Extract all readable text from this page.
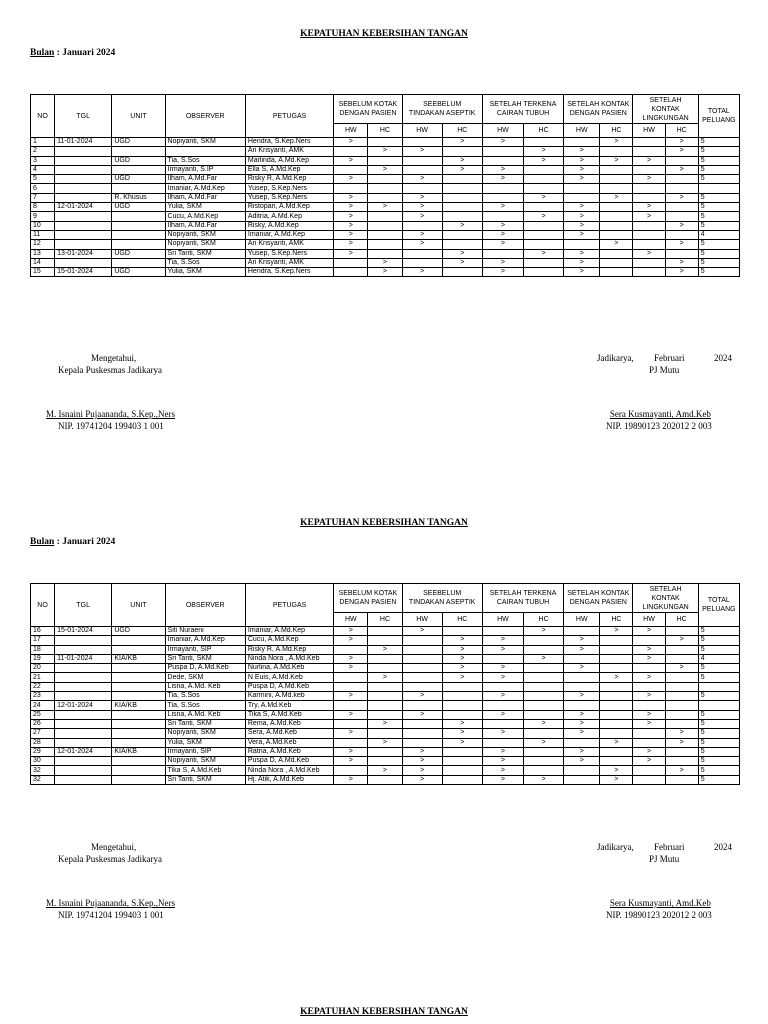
KEPATUHAN KEBERSIHAN TANGAN
Bulan : Januari 2024
NO	TGL	UNIT	OBSERVER	PETUGAS	SEBELUM KOTAK DENGAN PASIEN		SEEBELUM TINDAKAN ASEPTIK		SETELAH TERKENA CAIRAN TUBUH		SETELAH KONTAK DENGAN PASIEN		SETELAH KONTAK LINGKUNGAN		TOTAL PELUANG
					HW	HC	HW	HC	HW	HC	HW	HC	HW	HC	
1	11-01-2024	UGD	Nopiyanti, SKM	Hendra, S.Kep.Ners	>			>	>			>		>	5
2				Ari Krisyanti, AMK		>	>			>	>			>	5
3		UGD	Tia, S.Sos	Marlinda, A.Md.Kep	>			>		>	>	>	>		5
4			Irmayanti, S.IP	Ella S, A.Md.Kep		>		>	>		>			>	5
5		UGD	Ilham, A.Md.Far	Risky R, A.Md.Kep	>		>		>		>		>		5
6			Imaniar, A.Md.Kep	Yusep, S.Kep.Ners											
7		R. Khusus	Ilham, A.Md.Far	Yusep, S.Kep.Ners	>		>			>		>		>	5
8	12-01-2024	UGD	Yulia, SKM	Ristopan, A.Md.Kep	>	>	>		>		>		>		5
9			Cucu, A.Md.Kep	Aditria, A.Md.Kep	>		>			>	>		>		5
10			Ilham, A.Md.Far	Risky, A.Md.Kep	>			>	>		>			>	5
11			Nopiyanti, SKM	Imaniar, A.Md.Kep	>		>		>		>				4
12			Nopiyanti, SKM	Ari Krisyanti, AMK	>		>		>			>		>	5
13	13-01-2024	UGD	Sri Tanti, SKM	Yusep, S.Kep.Ners	>			>		>	>		>		5
14			Tia, S.Sos	Ari Krisyanti, AMK		>		>	>		>			>	5
15	15-01-2024	UGD	Yulia, SKM	Hendra, S.Kep.Ners		>	>		>		>			>	5
Mengetahui,
Kepala Puskesmas Jadikarya
M. Isnaini Pujaananda, S.Kep.,Ners
NIP. 19741204 199403 1 001
Jadikarya, Februari	2024
PJ Mutu
Sera Kusmayanti, Amd.Keb
NIP. 19890123 202012 2 003
KEPATUHAN KEBERSIHAN TANGAN
Bulan : Januari 2024
NO	TGL	UNIT	OBSERVER	PETUGAS	SEBELUM KOTAK DENGAN PASIEN		SEEBELUM TINDAKAN ASEPTIK		SETELAH TERKENA CAIRAN TUBUH		SETELAH KONTAK DENGAN PASIEN		SETELAH KONTAK LINGKUNGAN		TOTAL PELUANG
					HW	HC	HW	HC	HW	HC	HW	HC	HW	HC	
16	15-01-2024	UGD	Siti Nuraeni	Imaniar, A.Md.Kep	>		>			>		>	>		5
17			Imaniar, A.Md.Kep	Cucu, A.Md.Kep	>			>	>		>			>	5
18			Irmayanti, SIP	Risky R, A.Md.Kep		>		>	>		>		>		5
19	11-01-2024	KIA/KB	Sri Tanti, SKM	Ninda Nora , A.Md.Keb	>			>		>			>		4
20			Puspa D, A.Md.Keb	Nurlina, A.Md.Keb	>			>	>		>			>	5
21			Dede, SKM	N Euis, A.Md.Keb		>		>	>			>	>		5
22			Lisna, A.Md. Keb	Puspa D, A.Md.Keb											
23			Tia, S.Sos	Karmini, A.Md.keb	>		>		>		>		>		5
24	12-01-2024	KIA/KB	Tia, S.Sos	Try, A.Md.Keb											
25			Lisna, A.Md. Keb	Tika S, A.Md.Keb	>		>		>		>		>		5
26			Sri Tanti, SKM	Rema, A.Md.Keb		>		>		>	>		>		5
27			Nopiyanti, SKM	Sera, A.Md.Keb	>			>	>		>			>	5
28			Yulia, SKM	Vera, A.Md.Keb		>		>		>		>		>	5
29	12-01-2024	KIA/KB	Irmayanti, SIP	Ratna, A.Md.Keb	>		>		>		>		>		5
30			Nopiyanti, SKM	Puspa D, A.Md.Keb	>		>		>		>		>		5
32			Tika S, A.Md.Keb	Ninda Nora , A.Md.Keb		>	>		>			>		>	5
32			Sri Tanti, SKM	Hj. Atik, A.Md.Keb	>		>		>	>		>			5
Mengetahui,
Kepala Puskesmas Jadikarya
M. Isnaini Pujaananda, S.Kep.,Ners
NIP. 19741204 199403 1 001
Jadikarya, Februari	2024
PJ Mutu
Sera Kusmayanti, Amd.Keb
NIP. 19890123 202012 2 003
KEPATUHAN KEBERSIHAN TANGAN
